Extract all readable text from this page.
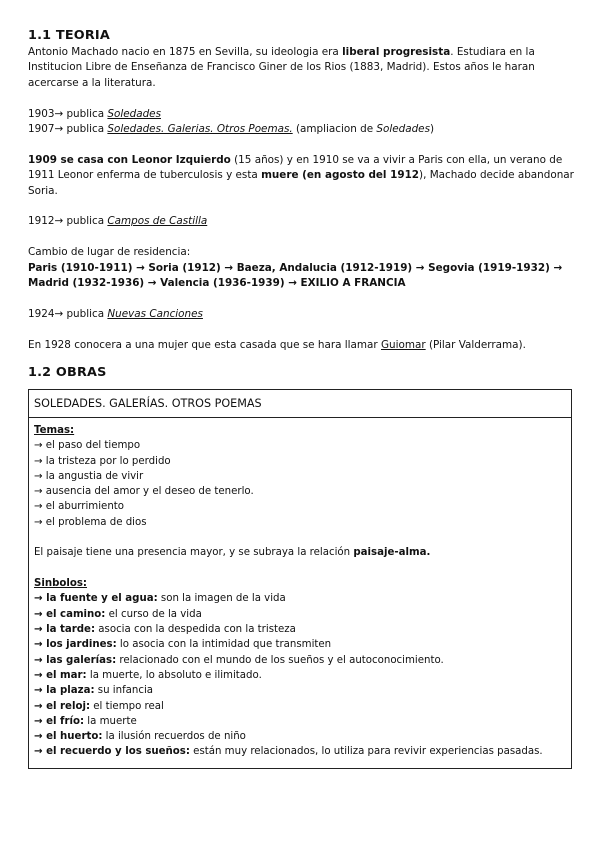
1.1 TEORIA

Antonio Machado nacio en 1875 en Sevilla, su ideologia era liberal progresista. Estudiara en la Institucion Libre de Enseñanza de Francisco Giner de los Rios (1883, Madrid). Estos años le haran acercarse a la literatura.

1903→ publica Soledades

1907→ publica Soledades. Galerias. Otros Poemas. (ampliacion de Soledades)

1909 se casa con Leonor Izquierdo (15 años) y en 1910 se va a vivir a Paris con ella, un verano de 1911 Leonor enferma de tuberculosis y esta muere (en agosto del 1912), Machado decide abandonar Soria.

1912→ publica Campos de Castilla

Cambio de lugar de residencia:

Paris (1910-1911) → Soria (1912) → Baeza, Andalucia (1912-1919) → Segovia (1919-1932) → Madrid (1932-1936) → Valencia (1936-1939) → EXILIO A FRANCIA

1924→ publica Nuevas Canciones

En 1928 conocera a una mujer que esta casada que se hara llamar Guiomar (Pilar Valderrama).

1.2 OBRAS
SOLEDADES. GALERÍAS. OTROS POEMAS

Temas:

→ el paso del tiempo

→ la tristeza por lo perdido

→ la angustia de vivir

→ ausencia del amor y el deseo de tenerlo.

→ el aburrimiento

→ el problema de dios

El paisaje tiene una presencia mayor, y se subraya la relación paisaje-alma.

Sinbolos:

→ la fuente y el agua: son la imagen de la vida

→ el camino: el curso de la vida

→ la tarde: asocia con la despedida con la tristeza

→ los jardines: lo asocia con la intimidad que transmiten

→ las galerías: relacionado con el mundo de los sueños y el autoconocimiento.

→ el mar: la muerte, lo absoluto e ilimitado.

→ la plaza: su infancia

→ el reloj: el tiempo real

→ el frío: la muerte

→ el huerto: la ilusión recuerdos de niño

→ el recuerdo y los sueños: están muy relacionados, lo utiliza para revivir experiencias pasadas.
